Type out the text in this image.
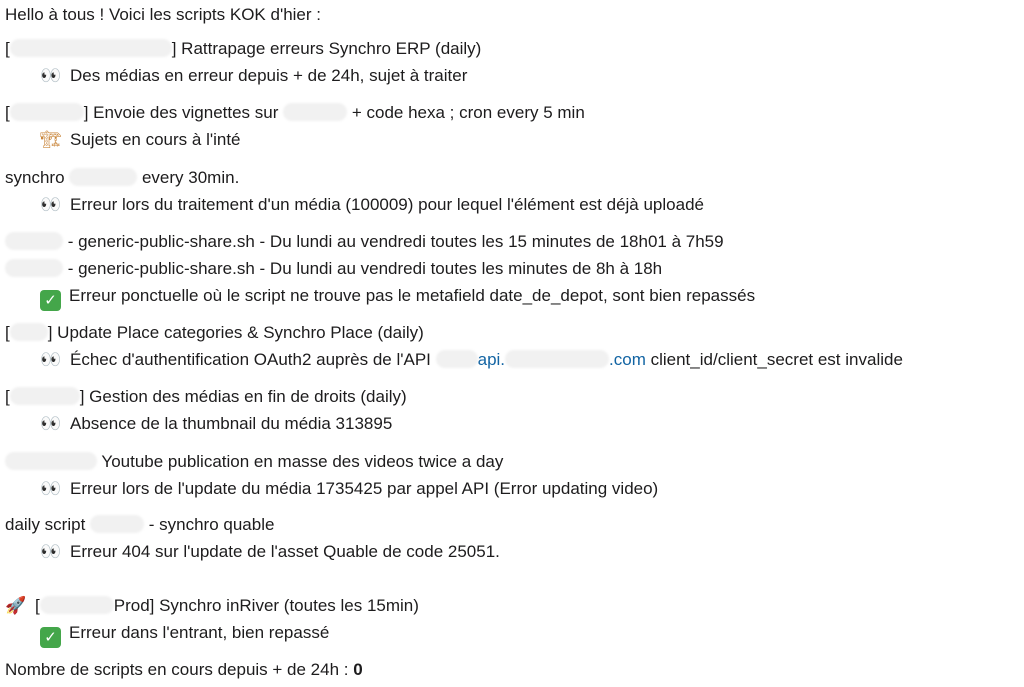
Hello à tous ! Voici les scripts KOK d'hier :
[	] Rattrapage erreurs Synchro ERP (daily)
👀 Des médias en erreur depuis + de 24h, sujet à traiter
[	] Envoie des vignettes sur	+ code hexa ; cron every 5 min
🏗 Sujets en cours à l'inté
synchro	every 30min.
👀 Erreur lors du traitement d'un média (100009) pour lequel l'élément est déjà uploadé
- generic-public-share.sh - Du lundi au vendredi toutes les 15 minutes de 18h01 à 7h59
- generic-public-share.sh - Du lundi au vendredi toutes les minutes de 8h à 18h
✓ Erreur ponctuelle où le script ne trouve pas le metafield date_de_depot, sont bien repassés
[ ] Update Place categories & Synchro Place (daily)
👀 Échec d'authentification OAuth2 auprès de l'API api.	.com client_id/client_secret est invalide
[	] Gestion des médias en fin de droits (daily)
👀 Absence de la thumbnail du média 313895
Youtube publication en masse des videos twice a day
👀 Erreur lors de l'update du média 1735425 par appel API (Error updating video)
daily script	- synchro quable
👀 Erreur 404 sur l'update de l'asset Quable de code 25051.
🚀 [	Prod] Synchro inRiver (toutes les 15min)
✓ Erreur dans l'entrant, bien repassé
Nombre de scripts en cours depuis + de 24h : 0
